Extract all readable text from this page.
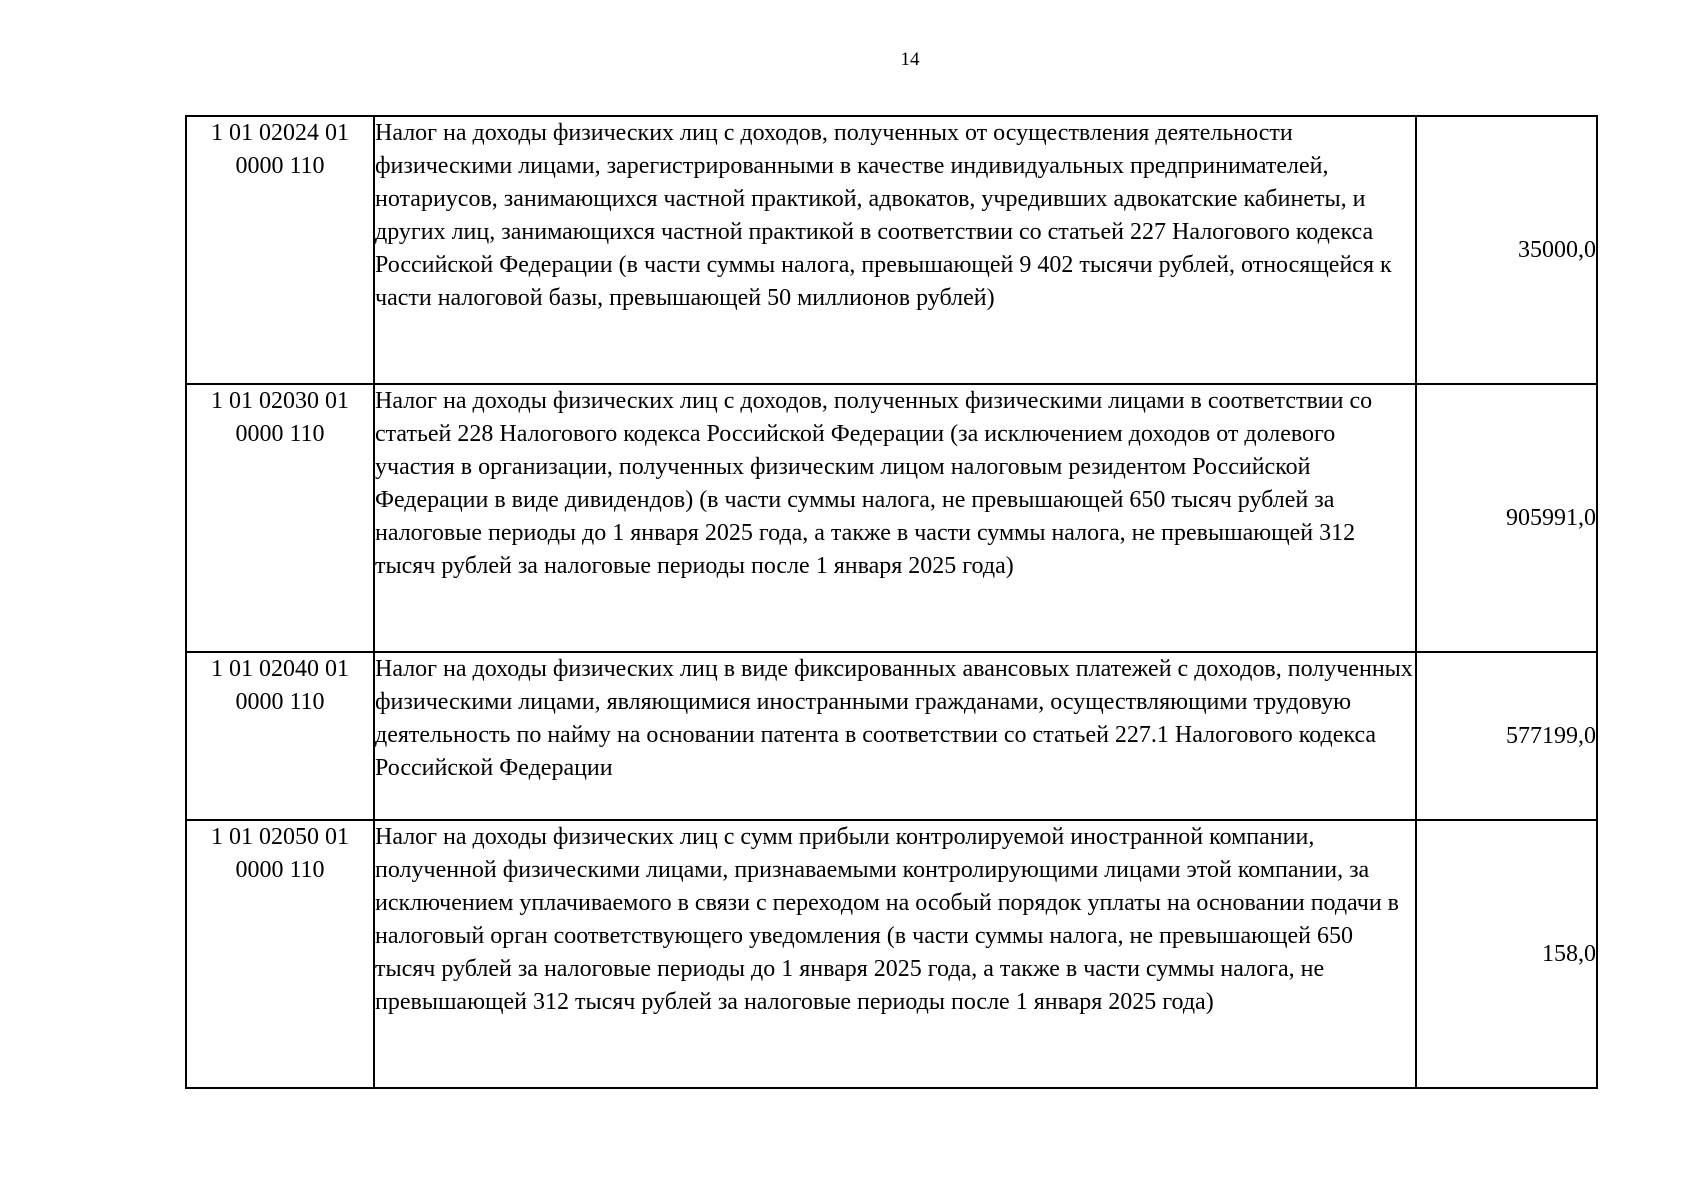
14
1 01 02024 01 0000 110	Налог на доходы физических лиц с доходов, полученных от осуществления деятельности физическими лицами, зарегистрированными в качестве индивидуальных предпринимателей, нотариусов, занимающихся частной практикой, адвокатов, учредивших адвокатские кабинеты, и других лиц, занимающихся частной практикой в соответствии со статьей 227 Налогового кодекса Российской Федерации (в части суммы налога, превышающей 9 402 тысячи рублей, относящейся к части налоговой базы, превышающей 50 миллионов рублей)	35000,0

1 01 02030 01 0000 110	Налог на доходы физических лиц с доходов, полученных физическими лицами в соответствии со статьей 228 Налогового кодекса Российской Федерации (за исключением доходов от долевого участия в организации, полученных физическим лицом налоговым резидентом Российской Федерации в виде дивидендов) (в части суммы налога, не превышающей 650 тысяч рублей за налоговые периоды до 1 января 2025 года, а также в части суммы налога, не превышающей 312 тысяч рублей за налоговые периоды после 1 января 2025 года)	905991,0

1 01 02040 01 0000 110	Налог на доходы физических лиц в виде фиксированных авансовых платежей с доходов, полученных физическими лицами, являющимися иностранными гражданами, осуществляющими трудовую деятельность по найму на основании патента в соответствии со статьей 227.1 Налогового кодекса Российской Федерации	577199,0

1 01 02050 01 0000 110	Налог на доходы физических лиц с сумм прибыли контролируемой иностранной компании, полученной физическими лицами, признаваемыми контролирующими лицами этой компании, за исключением уплачиваемого в связи с переходом на особый порядок уплаты на основании подачи в налоговый орган соответствующего уведомления (в части суммы налога, не превышающей 650 тысяч рублей за налоговые периоды до 1 января 2025 года, а также в части суммы налога, не превышающей 312 тысяч рублей за налоговые периоды после 1 января 2025 года)	158,0
